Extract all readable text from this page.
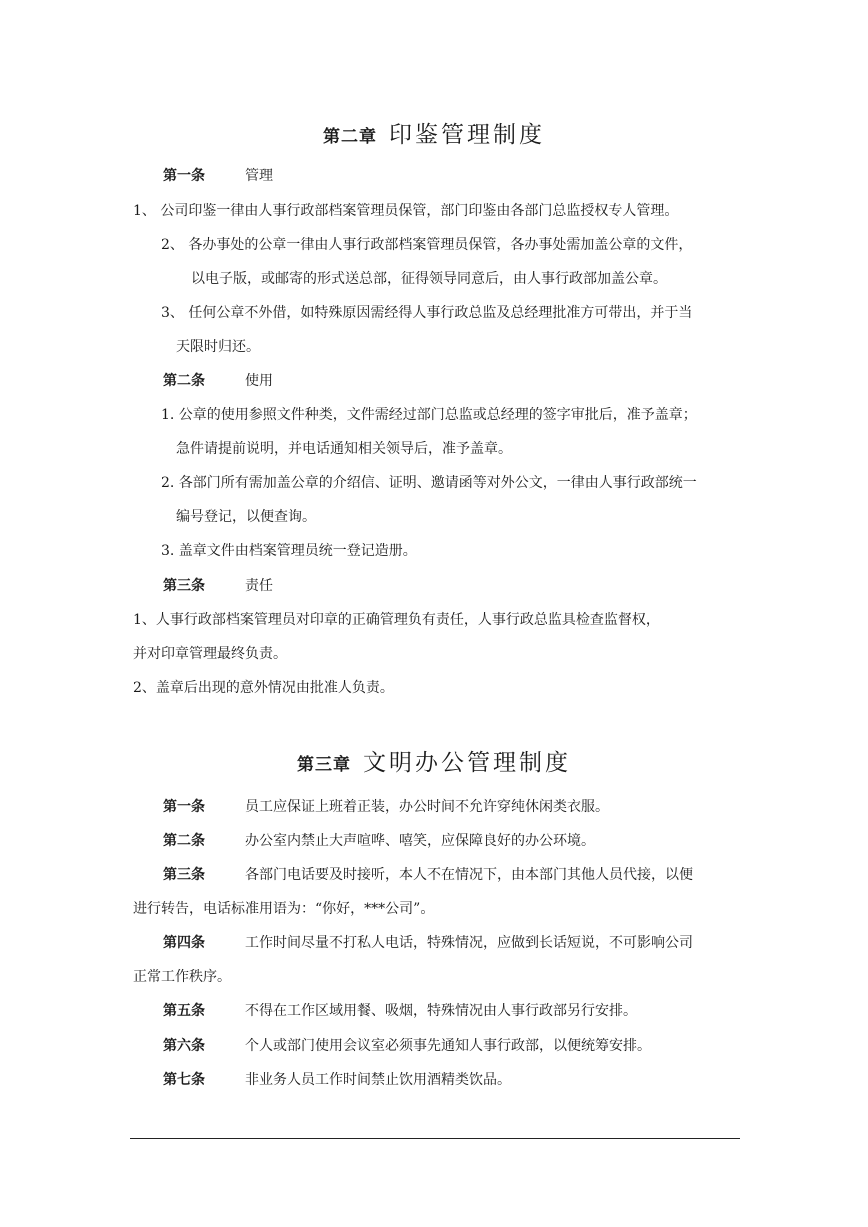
第二章 印鉴管理制度
第一条	管理
1、 公司印鉴一律由人事行政部档案管理员保管，部门印鉴由各部门总监授权专人管理。
2、 各办事处的公章一律由人事行政部档案管理员保管，各办事处需加盖公章的文件，
以电子版，或邮寄的形式送总部，征得领导同意后，由人事行政部加盖公章。
3、 任何公章不外借，如特殊原因需经得人事行政总监及总经理批准方可带出，并于当
天限时归还。
第二条	使用
1. 公章的使用参照文件种类，文件需经过部门总监或总经理的签字审批后，准予盖章；
急件请提前说明，并电话通知相关领导后，准予盖章。
2. 各部门所有需加盖公章的介绍信、证明、邀请函等对外公文，一律由人事行政部统一
编号登记，以便查询。
3. 盖章文件由档案管理员统一登记造册。
第三条	责任
1、人事行政部档案管理员对印章的正确管理负有责任，人事行政总监具检查监督权，
并对印章管理最终负责。
2、盖章后出现的意外情况由批准人负责。
第三章 文明办公管理制度
第一条	员工应保证上班着正装，办公时间不允许穿纯休闲类衣服。
第二条	办公室内禁止大声喧哗、嘻笑，应保障良好的办公环境。
第三条	各部门电话要及时接听，本人不在情况下，由本部门其他人员代接，以便
进行转告，电话标准用语为：“你好，***公司”。
第四条	工作时间尽量不打私人电话，特殊情况，应做到长话短说，不可影响公司
正常工作秩序。
第五条	不得在工作区域用餐、吸烟，特殊情况由人事行政部另行安排。
第六条	个人或部门使用会议室必须事先通知人事行政部，以便统筹安排。
第七条	非业务人员工作时间禁止饮用酒精类饮品。
